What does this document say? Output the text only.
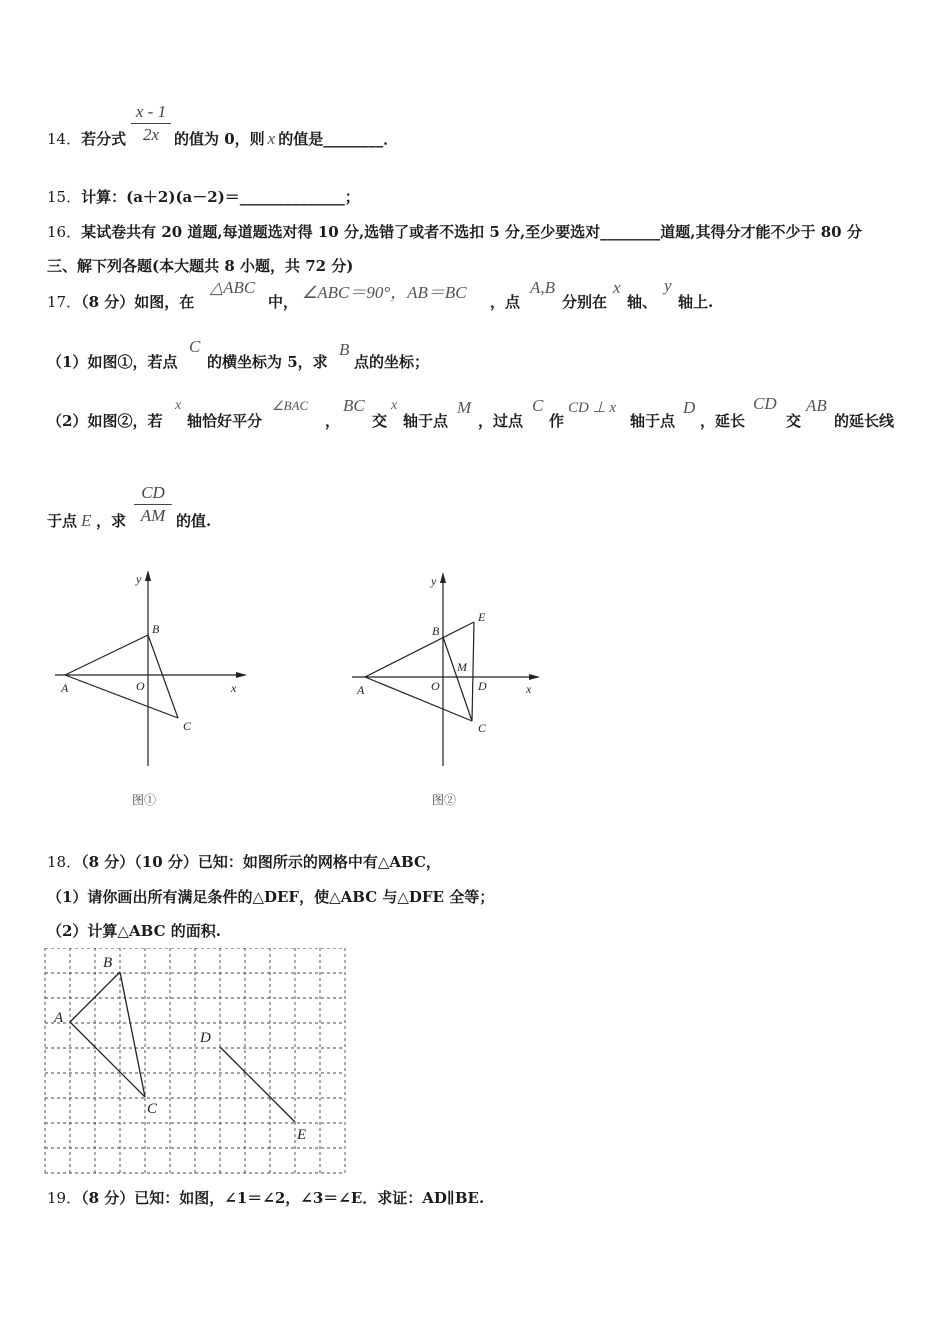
14．若分式
x - 1
2x 的值为 0，则 x 的值是________．
15．计算：(a＋2)(a－2)＝______________；
16．某试卷共有 20 道题,每道题选对得 10 分,选错了或者不选扣 5 分,至少要选对________道题,其得分才能不少于 80 分
三、解下列各题(本大题共 8 小题，共 72 分)
17．（8 分）如图，在
△ABC
中， ∠ABC＝90°，AB＝BC ，点
A,B
分别在
x
轴、
y
轴上.
（1）如图①，若点
C
的横坐标为 5，求
B
点的坐标；
（2）如图②，若
x
轴恰好平分
∠BAC
，
BC
交
x
轴于点
M
，过点
C
作
CD ⊥ x
轴于点
D
，延长
CD
交
AB
的延长线
于点 E ，求
CD
AM 的值.
y
x
A
B
O
C
图①
y
x
A
B
O
C
D
E
M
图②
18．（8 分）（10 分）已知：如图所示的网格中有△ABC，
（1）请你画出所有满足条件的△DEF，使△ABC 与△DFE 全等；
（2）计算△ABC 的面积.
A
B
C
D
E
19．（8 分）已知：如图，∠1＝∠2，∠3＝∠E．求证：AD∥BE.
